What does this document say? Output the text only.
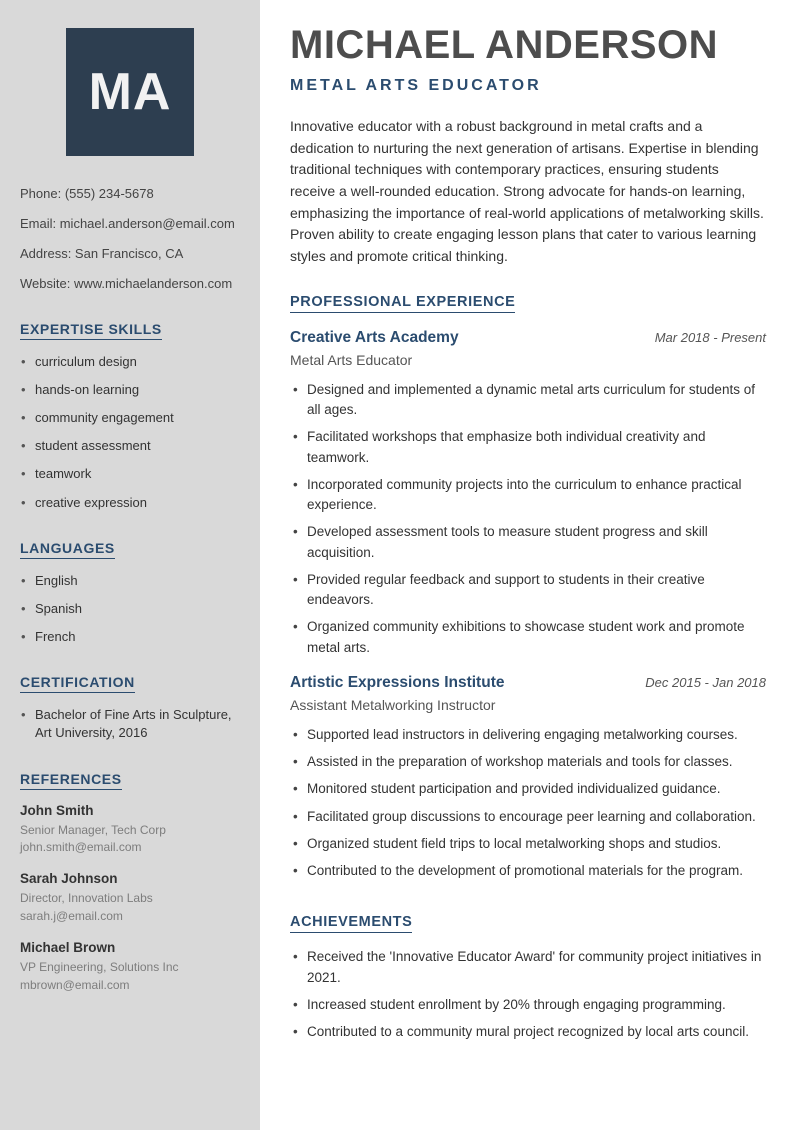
MA

Phone: (555) 234-5678

Email: michael.anderson@email.com

Address: San Francisco, CA

Website: www.michaelanderson.com

EXPERTISE SKILLS
• curriculum design
• hands-on learning
• community engagement
• student assessment
• teamwork
• creative expression
LANGUAGES
• English
• Spanish
• French
CERTIFICATION
• Bachelor of Fine Arts in Sculpture, Art University, 2016
REFERENCES

John Smith

Senior Manager, Tech Corp

john.smith@email.com

Sarah Johnson

Director, Innovation Labs

sarah.j@email.com

Michael Brown

VP Engineering, Solutions Inc

mbrown@email.com

MICHAEL ANDERSON
METAL ARTS EDUCATOR

Innovative educator with a robust background in metal crafts and a dedication to nurturing the next generation of artisans. Expertise in blending traditional techniques with contemporary practices, ensuring students receive a well-rounded education. Strong advocate for hands-on learning, emphasizing the importance of real-world applications of metalworking skills. Proven ability to create engaging lesson plans that cater to various learning styles and promote critical thinking.

PROFESSIONAL EXPERIENCE
Creative Arts Academy	Mar 2018 - Present

Metal Arts Educator

• Designed and implemented a dynamic metal arts curriculum for students of all ages.
• Facilitated workshops that emphasize both individual creativity and teamwork.
• Incorporated community projects into the curriculum to enhance practical experience.
• Developed assessment tools to measure student progress and skill acquisition.
• Provided regular feedback and support to students in their creative endeavors.
• Organized community exhibitions to showcase student work and promote metal arts.
Artistic Expressions Institute	Dec 2015 - Jan 2018

Assistant Metalworking Instructor

• Supported lead instructors in delivering engaging metalworking courses.
• Assisted in the preparation of workshop materials and tools for classes.
• Monitored student participation and provided individualized guidance.
• Facilitated group discussions to encourage peer learning and collaboration.
• Organized student field trips to local metalworking shops and studios.
• Contributed to the development of promotional materials for the program.
ACHIEVEMENTS
• Received the 'Innovative Educator Award' for community project initiatives in 2021.
• Increased student enrollment by 20% through engaging programming.
• Contributed to a community mural project recognized by local arts council.
